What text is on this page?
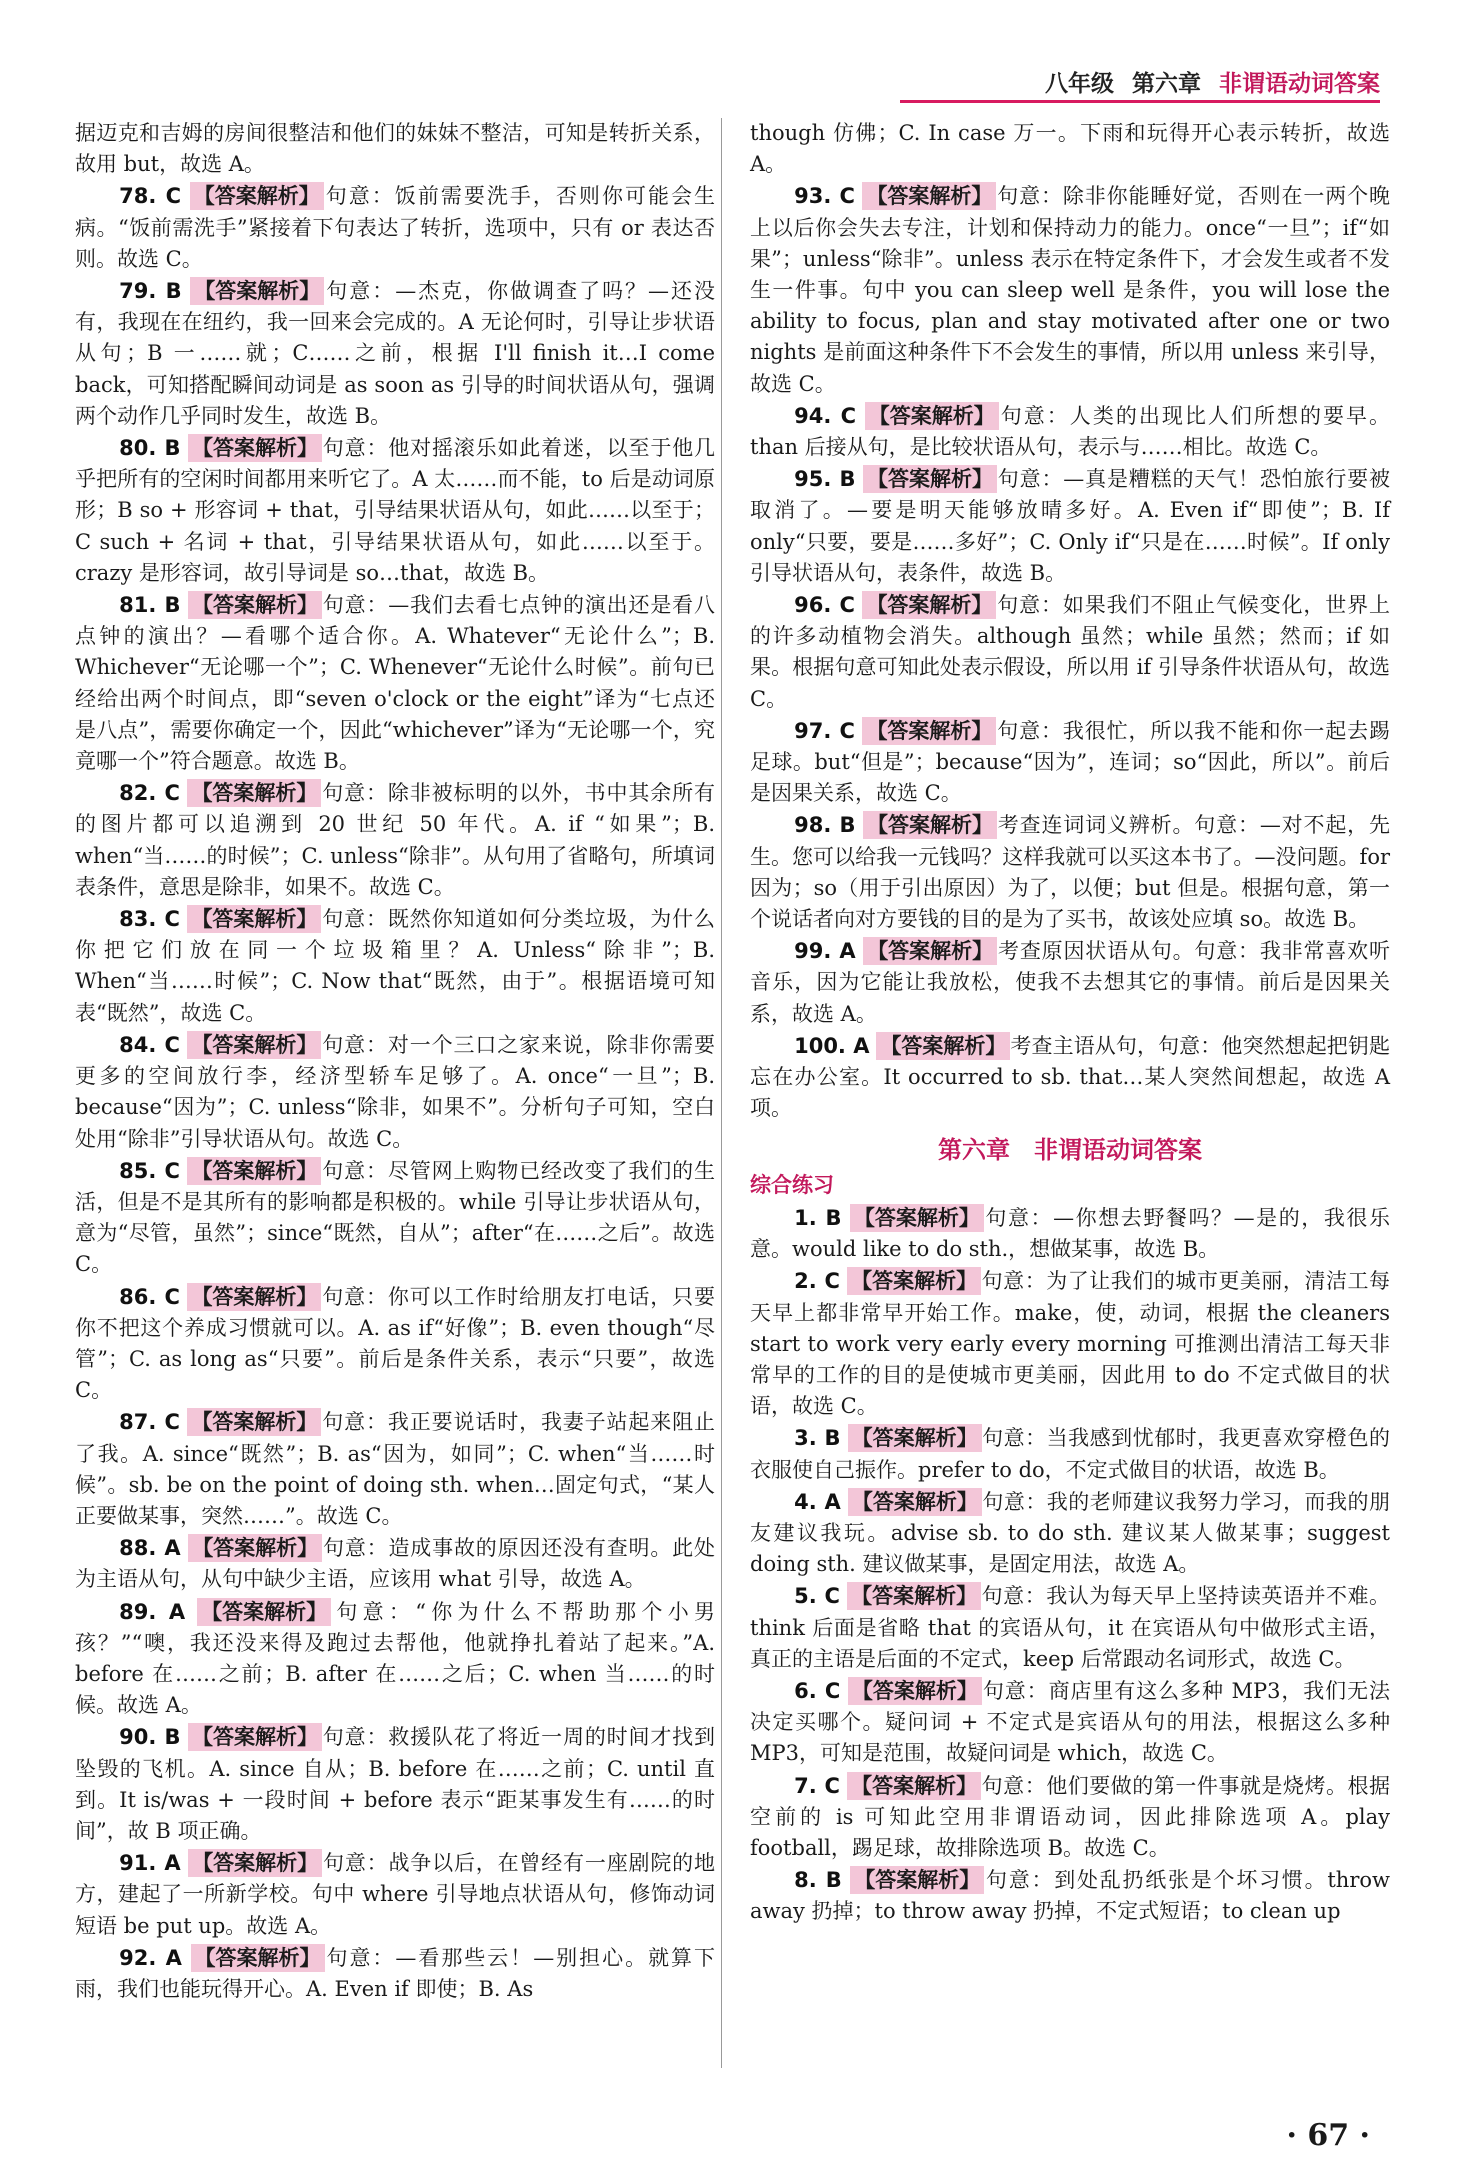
八年级 第六章 非谓语动词答案
据迈克和吉姆的房间很整洁和他们的妹妹不整洁，可知是转折关系，故用 but，故选 A。
78. C 【答案解析】 句意：饭前需要洗手，否则你可能会生病。“饭前需洗手”紧接着下句表达了转折，选项中，只有 or 表达否则。故选 C。
79. B 【答案解析】 句意：—杰克，你做调查了吗？—还没有，我现在在纽约，我一回来会完成的。A 无论何时，引导让步状语从句；B 一……就；C……之前，根据 I'll finish it…I come back，可知搭配瞬间动词是 as soon as 引导的时间状语从句，强调两个动作几乎同时发生，故选 B。
80. B 【答案解析】 句意：他对摇滚乐如此着迷，以至于他几乎把所有的空闲时间都用来听它了。A 太……而不能，to 后是动词原形；B so + 形容词 + that，引导结果状语从句，如此……以至于；C such + 名词 + that，引导结果状语从句，如此……以至于。crazy 是形容词，故引导词是 so…that，故选 B。
81. B 【答案解析】 句意：—我们去看七点钟的演出还是看八点钟的演出？—看哪个适合你。A. Whatever“无论什么”；B. Whichever“无论哪一个”；C. Whenever“无论什么时候”。前句已经给出两个时间点，即“seven o'clock or the eight”译为“七点还是八点”，需要你确定一个，因此“whichever”译为“无论哪一个，究竟哪一个”符合题意。故选 B。
82. C 【答案解析】 句意：除非被标明的以外，书中其余所有的图片都可以追溯到 20 世纪 50 年代。A. if “如果”；B. when“当……的时候”；C. unless“除非”。从句用了省略句，所填词表条件，意思是除非，如果不。故选 C。
83. C 【答案解析】 句意：既然你知道如何分类垃圾，为什么你把它们放在同一个垃圾箱里？A. Unless“除非”；B. When“当……时候”；C. Now that“既然，由于”。根据语境可知表“既然”，故选 C。
84. C 【答案解析】 句意：对一个三口之家来说，除非你需要更多的空间放行李，经济型轿车足够了。A. once“一旦”；B. because“因为”；C. unless“除非，如果不”。分析句子可知，空白处用“除非”引导状语从句。故选 C。
85. C 【答案解析】 句意：尽管网上购物已经改变了我们的生活，但是不是其所有的影响都是积极的。while 引导让步状语从句，意为“尽管，虽然”；since“既然，自从”；after“在……之后”。故选 C。
86. C 【答案解析】 句意：你可以工作时给朋友打电话，只要你不把这个养成习惯就可以。A. as if“好像”；B. even though“尽管”；C. as long as“只要”。前后是条件关系，表示“只要”，故选 C。
87. C 【答案解析】 句意：我正要说话时，我妻子站起来阻止了我。A. since“既然”；B. as“因为，如同”；C. when“当……时候”。sb. be on the point of doing sth. when…固定句式，“某人正要做某事，突然……”。故选 C。
88. A 【答案解析】 句意：造成事故的原因还没有查明。此处为主语从句，从句中缺少主语，应该用 what 引导，故选 A。
89. A 【答案解析】 句意：“你为什么不帮助那个小男孩？”“噢，我还没来得及跑过去帮他，他就挣扎着站了起来。”A. before 在……之前；B. after 在……之后；C. when 当……的时候。故选 A。
90. B 【答案解析】 句意：救援队花了将近一周的时间才找到坠毁的飞机。A. since 自从；B. before 在……之前；C. until 直到。It is/was + 一段时间 + before 表示“距某事发生有……的时间”，故 B 项正确。
91. A 【答案解析】 句意：战争以后，在曾经有一座剧院的地方，建起了一所新学校。句中 where 引导地点状语从句，修饰动词短语 be put up。故选 A。
92. A 【答案解析】 句意：—看那些云！—别担心。就算下雨，我们也能玩得开心。A. Even if 即使；B. As
though 仿佛；C. In case 万一。下雨和玩得开心表示转折，故选 A。
93. C 【答案解析】 句意：除非你能睡好觉，否则在一两个晚上以后你会失去专注，计划和保持动力的能力。once“一旦”；if“如果”；unless“除非”。unless 表示在特定条件下，才会发生或者不发生一件事。句中 you can sleep well 是条件，you will lose the ability to focus, plan and stay motivated after one or two nights 是前面这种条件下不会发生的事情，所以用 unless 来引导，故选 C。
94. C 【答案解析】 句意：人类的出现比人们所想的要早。than 后接从句，是比较状语从句，表示与……相比。故选 C。
95. B 【答案解析】 句意：—真是糟糕的天气！恐怕旅行要被取消了。—要是明天能够放晴多好。A. Even if“即使”；B. If only“只要，要是……多好”；C. Only if“只是在……时候”。If only 引导状语从句，表条件，故选 B。
96. C 【答案解析】 句意：如果我们不阻止气候变化，世界上的许多动植物会消失。although 虽然；while 虽然；然而；if 如果。根据句意可知此处表示假设，所以用 if 引导条件状语从句，故选 C。
97. C 【答案解析】 句意：我很忙，所以我不能和你一起去踢足球。but“但是”；because“因为”，连词；so“因此，所以”。前后是因果关系，故选 C。
98. B 【答案解析】 考查连词词义辨析。句意：—对不起，先生。您可以给我一元钱吗？这样我就可以买这本书了。—没问题。for 因为；so（用于引出原因）为了，以便；but 但是。根据句意，第一个说话者向对方要钱的目的是为了买书，故该处应填 so。故选 B。
99. A 【答案解析】 考查原因状语从句。句意：我非常喜欢听音乐，因为它能让我放松，使我不去想其它的事情。前后是因果关系，故选 A。
100. A 【答案解析】 考查主语从句，句意：他突然想起把钥匙忘在办公室。It occurred to sb. that…某人突然间想起，故选 A 项。
第六章　非谓语动词答案
综合练习
1. B 【答案解析】 句意：—你想去野餐吗？—是的，我很乐意。would like to do sth.，想做某事，故选 B。
2. C 【答案解析】 句意：为了让我们的城市更美丽，清洁工每天早上都非常早开始工作。make，使，动词，根据 the cleaners start to work very early every morning 可推测出清洁工每天非常早的工作的目的是使城市更美丽，因此用 to do 不定式做目的状语，故选 C。
3. B 【答案解析】 句意：当我感到忧郁时，我更喜欢穿橙色的衣服使自己振作。prefer to do，不定式做目的状语，故选 B。
4. A 【答案解析】 句意：我的老师建议我努力学习，而我的朋友建议我玩。advise sb. to do sth. 建议某人做某事；suggest doing sth. 建议做某事，是固定用法，故选 A。
5. C 【答案解析】 句意：我认为每天早上坚持读英语并不难。think 后面是省略 that 的宾语从句，it 在宾语从句中做形式主语，真正的主语是后面的不定式，keep 后常跟动名词形式，故选 C。
6. C 【答案解析】 句意：商店里有这么多种 MP3，我们无法决定买哪个。疑问词 + 不定式是宾语从句的用法，根据这么多种 MP3，可知是范围，故疑问词是 which，故选 C。
7. C 【答案解析】 句意：他们要做的第一件事就是烧烤。根据空前的 is 可知此空用非谓语动词，因此排除选项 A。play football，踢足球，故排除选项 B。故选 C。
8. B 【答案解析】 句意：到处乱扔纸张是个坏习惯。throw away 扔掉；to throw away 扔掉，不定式短语；to clean up
· 67 ·
